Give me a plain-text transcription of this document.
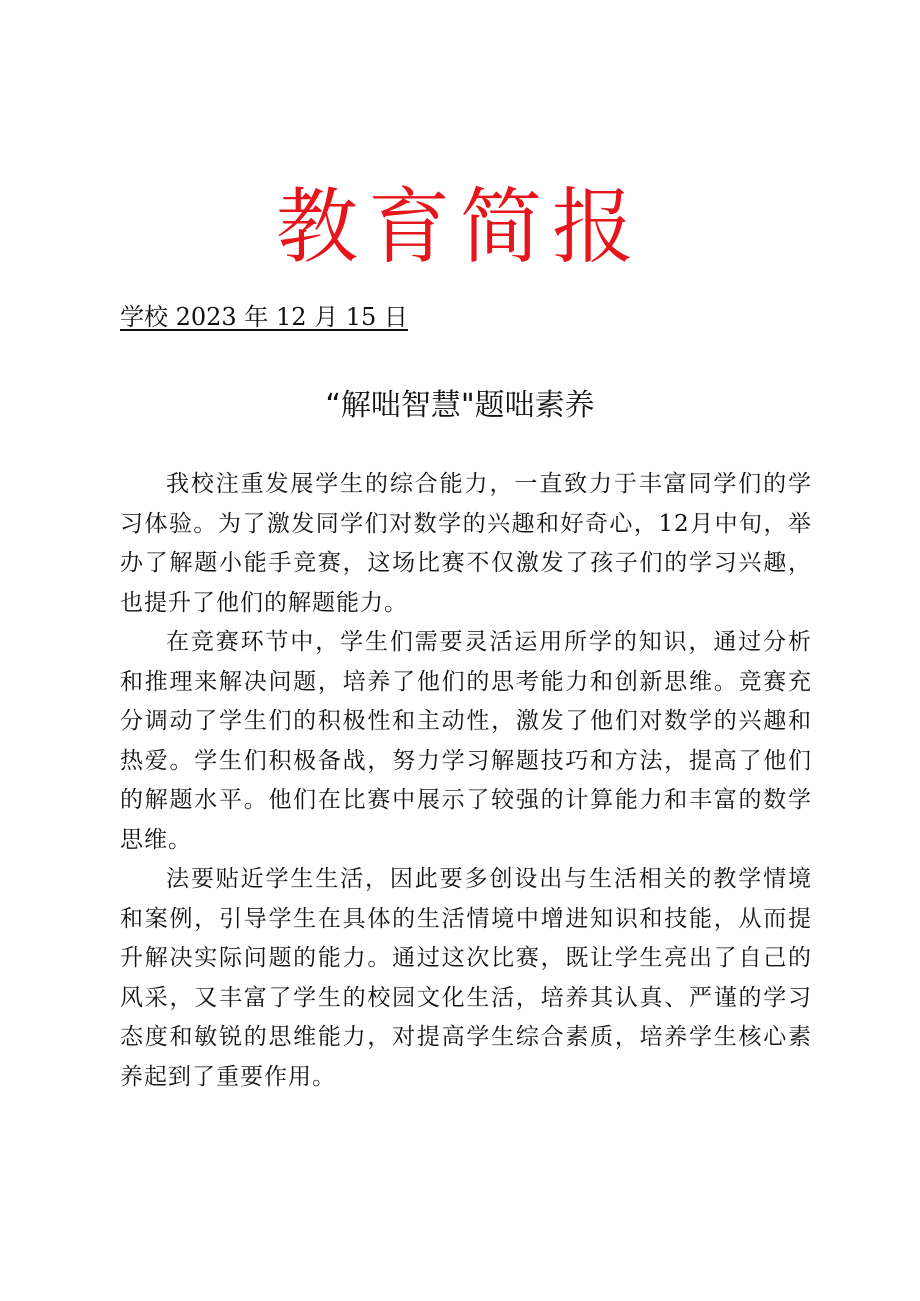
教育简报
学校 2023 年 12 月 15 日
“解咄智慧"题咄素养

我校注重发展学生的综合能力，一直致力于丰富同学们的学习体验。为了激发同学们对数学的兴趣和好奇心，12月中旬，举办了解题小能手竞赛，这场比赛不仅激发了孩子们的学习兴趣，也提升了他们的解题能力。

在竞赛环节中，学生们需要灵活运用所学的知识，通过分析和推理来解决问题，培养了他们的思考能力和创新思维。竞赛充分调动了学生们的积极性和主动性，激发了他们对数学的兴趣和热爱。学生们积极备战，努力学习解题技巧和方法，提高了他们的解题水平。他们在比赛中展示了较强的计算能力和丰富的数学思维。

法要贴近学生生活，因此要多创设出与生活相关的教学情境和案例，引导学生在具体的生活情境中增进知识和技能，从而提升解决实际问题的能力。通过这次比赛，既让学生亮出了自己的风采，又丰富了学生的校园文化生活，培养其认真、严谨的学习态度和敏锐的思维能力，对提高学生综合素质，培养学生核心素养起到了重要作用。
